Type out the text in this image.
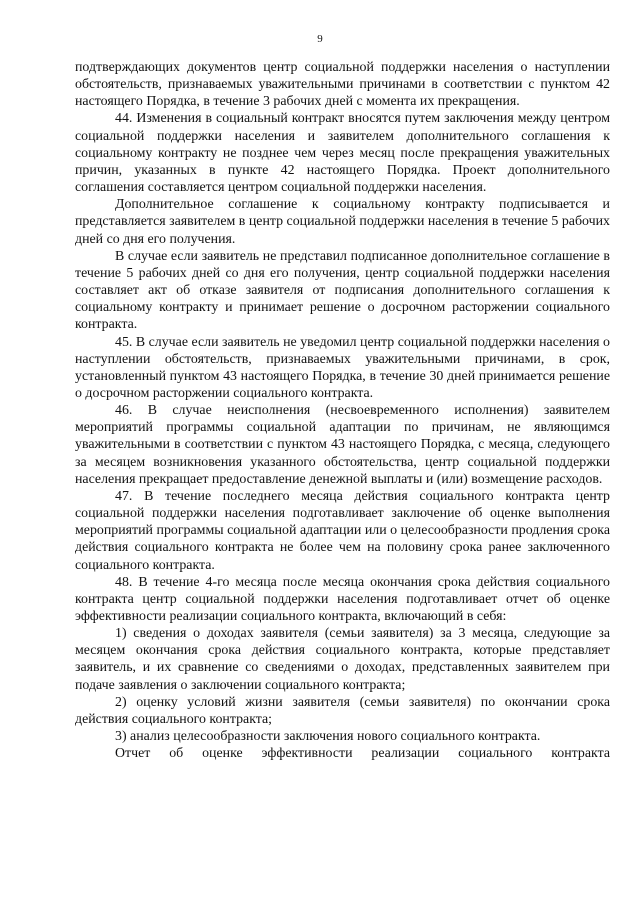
9

подтверждающих документов центр социальной поддержки населения о наступлении обстоятельств, признаваемых уважительными причинами в соответствии с пунктом 42 настоящего Порядка, в течение 3 рабочих дней с момента их прекращения.

44. Изменения в социальный контракт вносятся путем заключения между центром социальной поддержки населения и заявителем дополнительного соглашения к социальному контракту не позднее чем через месяц после прекращения уважительных причин, указанных в пункте 42 настоящего Порядка. Проект дополнительного соглашения составляется центром социальной поддержки населения.

Дополнительное соглашение к социальному контракту подписывается и представляется заявителем в центр социальной поддержки населения в течение 5 рабочих дней со дня его получения.

В случае если заявитель не представил подписанное дополнительное соглашение в течение 5 рабочих дней со дня его получения, центр социальной поддержки населения составляет акт об отказе заявителя от подписания дополнительного соглашения к социальному контракту и принимает решение о досрочном расторжении социального контракта.

45. В случае если заявитель не уведомил центр социальной поддержки населения о наступлении обстоятельств, признаваемых уважительными причинами, в срок, установленный пунктом 43 настоящего Порядка, в течение 30 дней принимается решение о досрочном расторжении социального контракта.

46. В случае неисполнения (несвоевременного исполнения) заявителем мероприятий программы социальной адаптации по причинам, не являющимся уважительными в соответствии с пунктом 43 настоящего Порядка, с месяца, следующего за месяцем возникновения указанного обстоятельства, центр социальной поддержки населения прекращает предоставление денежной выплаты и (или) возмещение расходов.

47. В течение последнего месяца действия социального контракта центр социальной поддержки населения подготавливает заключение об оценке выполнения мероприятий программы социальной адаптации или о целесообразности продления срока действия социального контракта не более чем на половину срока ранее заключенного социального контракта.

48. В течение 4-го месяца после месяца окончания срока действия социального контракта центр социальной поддержки населения подготавливает отчет об оценке эффективности реализации социального контракта, включающий в себя:

1) сведения о доходах заявителя (семьи заявителя) за 3 месяца, следующие за месяцем окончания срока действия социального контракта, которые представляет заявитель, и их сравнение со сведениями о доходах, представленных заявителем при подаче заявления о заключении социального контракта;

2) оценку условий жизни заявителя (семьи заявителя) по окончании срока действия социального контракта;

3) анализ целесообразности заключения нового социального контракта.

Отчет об оценке эффективности реализации социального контракта
